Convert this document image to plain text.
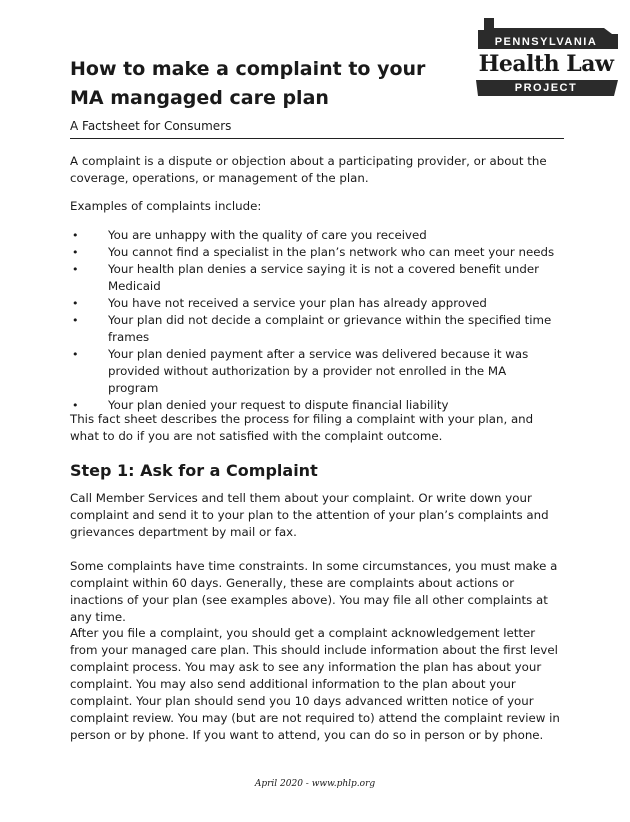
PENNSYLVANIA
Health Law
PROJECT
How to make a complaint to your MA mangaged care plan

A Factsheet for Consumers

A complaint is a dispute or objection about a participating provider, or about the coverage, operations, or management of the plan.

Examples of complaints include:

•	You are unhappy with the quality of care you received
•	You cannot find a specialist in the plan’s network who can meet your needs
•	Your health plan denies a service saying it is not a covered benefit under Medicaid
•	You have not received a service your plan has already approved
•	Your plan did not decide a complaint or grievance within the specified time frames
•	Your plan denied payment after a service was delivered because it was provided without authorization by a provider not enrolled in the MA program
•	Your plan denied your request to dispute financial liability

This fact sheet describes the process for filing a complaint with your plan, and what to do if you are not satisfied with the complaint outcome.

Step 1: Ask for a Complaint

Call Member Services and tell them about your complaint. Or write down your complaint and send it to your plan to the attention of your plan’s complaints and grievances department by mail or fax.

Some complaints have time constraints. In some circumstances, you must make a complaint within 60 days. Generally, these are complaints about actions or inactions of your plan (see examples above). You may file all other complaints at any time.

After you file a complaint, you should get a complaint acknowledgement letter from your managed care plan. This should include information about the first level complaint process. You may ask to see any information the plan has about your complaint. You may also send additional information to the plan about your complaint. Your plan should send you 10 days advanced written notice of your complaint review. You may (but are not required to) attend the complaint review in person or by phone. If you want to attend, you can do so in person or by phone.

April 2020 - www.phlp.org
